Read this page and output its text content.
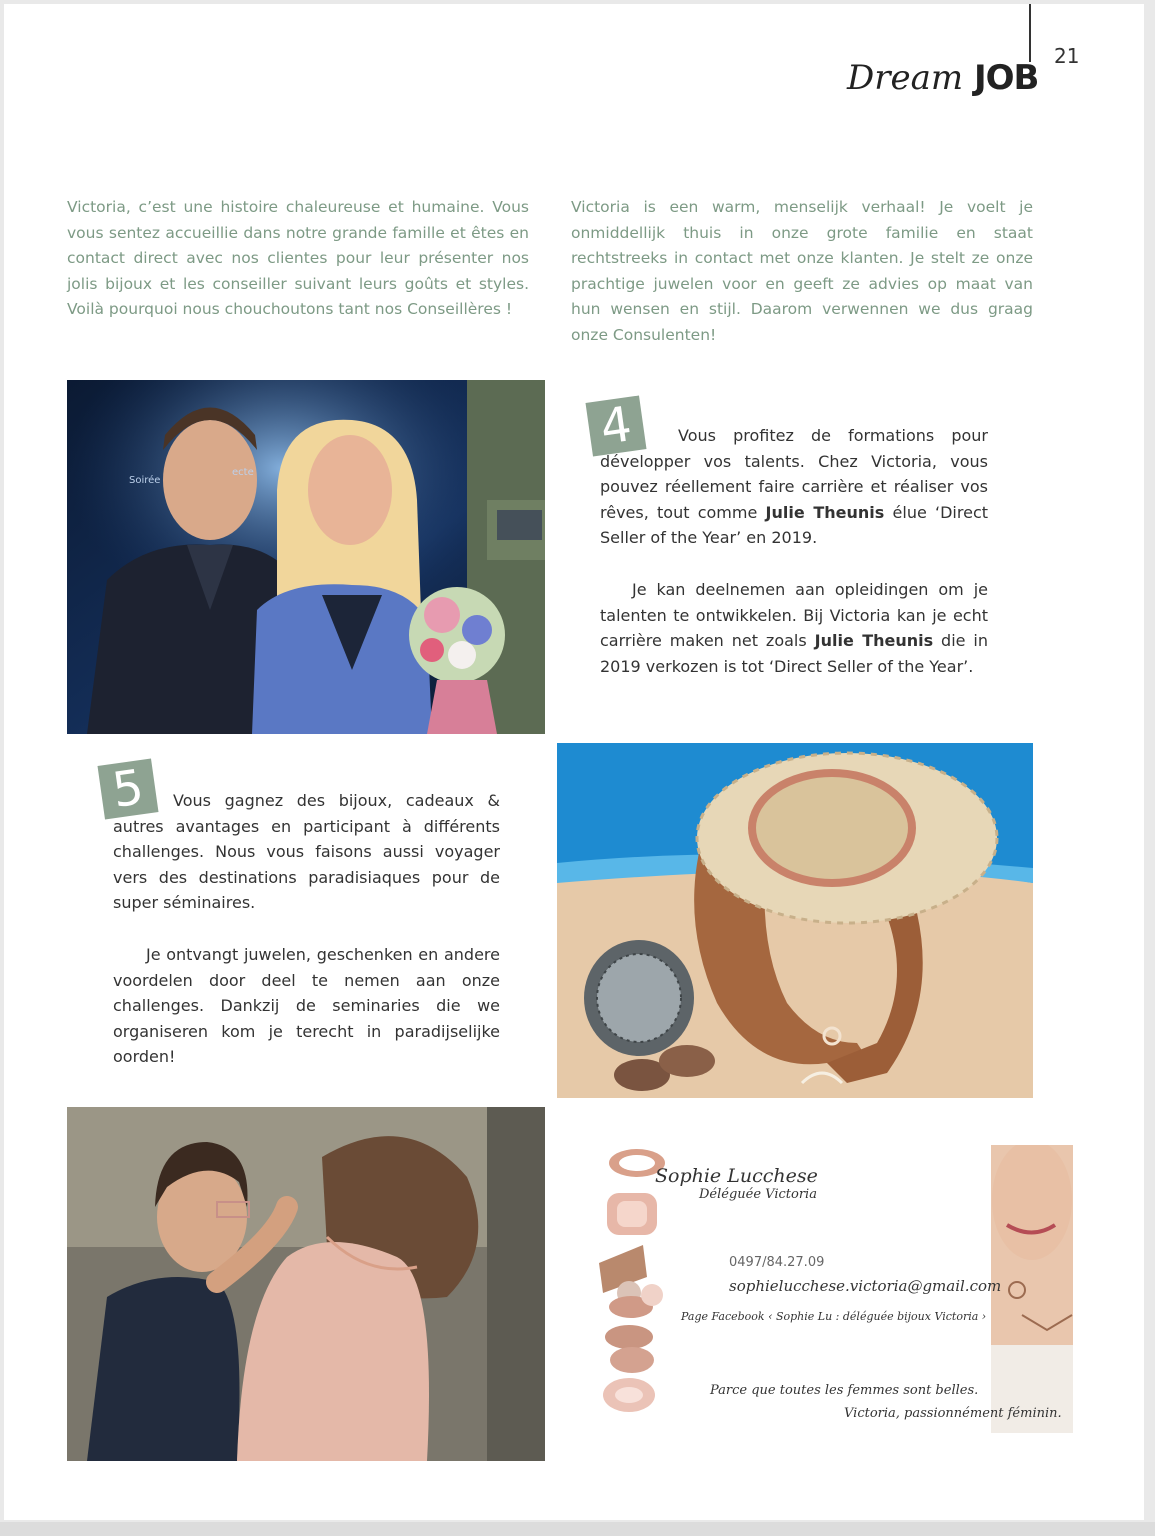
21
Dream JOB

Victoria, c’est une histoire chaleureuse et humaine. Vous vous sentez accueillie dans notre grande famille et êtes en contact direct avec nos clientes pour leur présenter nos jolis bijoux et les conseiller suivant leurs goûts et styles. Voilà pourquoi nous chouchoutons tant nos Conseillères !

Victoria is een warm, menselijk verhaal! Je voelt je onmiddellijk thuis in onze grote familie en staat rechtstreeks in contact met onze klanten. Je stelt ze onze prachtige juwelen voor en geeft ze advies op maat van hun wensen en stijl. Daarom verwennen we dus graag onze Consulenten!

Soirée
ecte
4	Vous profitez de formations pour développer vos talents. Chez Victoria, vous pouvez réellement faire carrière et réaliser vos rêves, tout comme Julie Theunis élue ‘Direct Seller of the Year’ en 2019.

Je kan deelnemen aan opleidingen om je talenten te ontwikkelen. Bij Victoria kan je echt carrière maken net zoals Julie Theunis die in 2019 verkozen is tot ‘Direct Seller of the Year’.

5	Vous gagnez des bijoux, cadeaux & autres avantages en participant à différents challenges. Nous vous faisons aussi voyager vers des destinations paradisiaques pour de super séminaires.

Je ontvangt juwelen, geschenken en andere voordelen door deel te nemen aan onze challenges. Dankzij de seminaries die we organiseren kom je terecht in paradijselijke oorden!

Sophie Lucchese
Déléguée Victoria
0497/84.27.09
sophielucchese.victoria@gmail.com
Page Facebook ‹ Sophie Lu : déléguée bijoux Victoria ›
Parce que toutes les femmes sont belles.
Victoria, passionnément féminin.
